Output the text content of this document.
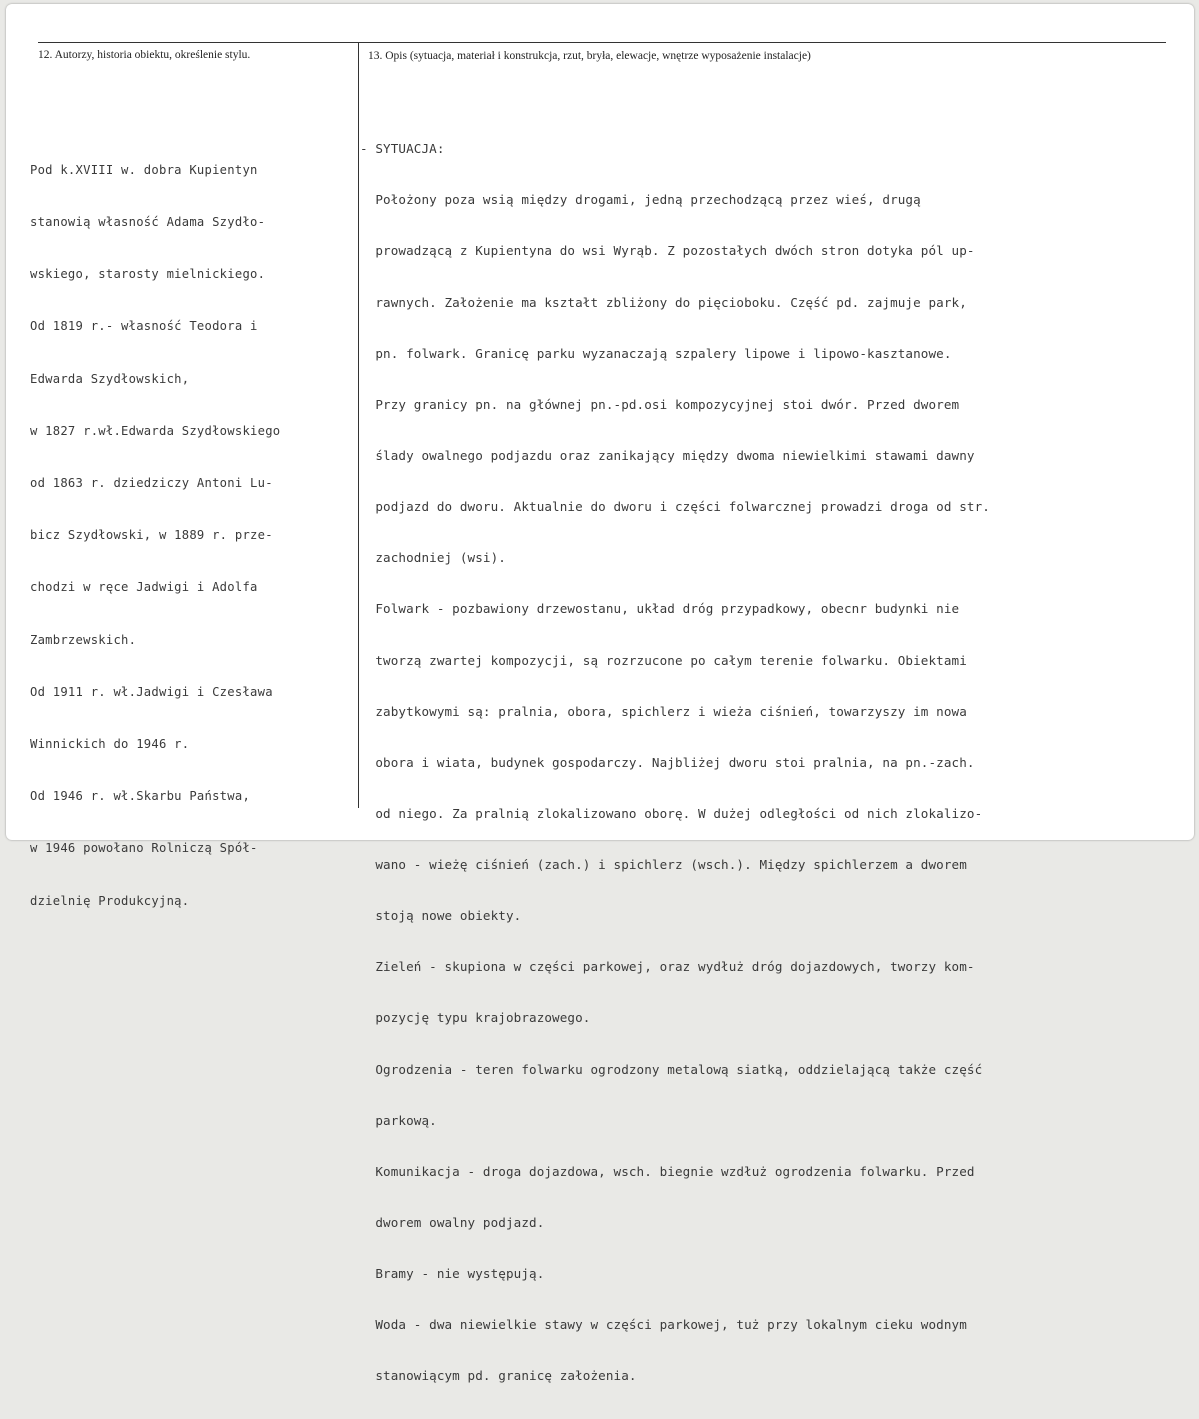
12. Autorzy, historia obiektu, określenie stylu.	13. Opis (sytuacja, materiał i konstrukcja, rzut, bryła, elewacje, wnętrze wyposażenie instalacje)

Pod k.XVIII w. dobra Kupientyn

stanowią własność Adama Szydło-

wskiego, starosty mielnickiego.

Od 1819 r.- własność Teodora i

Edwarda Szydłowskich,

w 1827 r.wł.Edwarda Szydłowskiego

od 1863 r. dziedziczy Antoni Lu-

bicz Szydłowski, w 1889 r. prze-

chodzi w ręce Jadwigi i Adolfa

Zambrzewskich.

Od 1911 r. wł.Jadwigi i Czesława

Winnickich do 1946 r.

Od 1946 r. wł.Skarbu Państwa,

w 1946 powołano Rolniczą Spół-

dzielnię Produkcyjną.

- SYTUACJA:

Położony poza wsią między drogami, jedną przechodzącą przez wieś, drugą

prowadzącą z Kupientyna do wsi Wyrąb. Z pozostałych dwóch stron dotyka pól up-

rawnych. Założenie ma kształt zbliżony do pięcioboku. Część pd. zajmuje park,

pn. folwark. Granicę parku wyzanaczają szpalery lipowe i lipowo-kasztanowe.

Przy granicy pn. na głównej pn.-pd.osi kompozycyjnej stoi dwór. Przed dworem

ślady owalnego podjazdu oraz zanikający między dwoma niewielkimi stawami dawny

podjazd do dworu. Aktualnie do dworu i części folwarcznej prowadzi droga od str.

zachodniej (wsi).

Folwark - pozbawiony drzewostanu, układ dróg przypadkowy, obecnr budynki nie

tworzą zwartej kompozycji, są rozrzucone po całym terenie folwarku. Obiektami

zabytkowymi są: pralnia, obora, spichlerz i wieża ciśnień, towarzyszy im nowa

obora i wiata, budynek gospodarczy. Najbliżej dworu stoi pralnia, na pn.-zach.

od niego. Za pralnią zlokalizowano oborę. W dużej odległości od nich zlokalizo-

wano - wieżę ciśnień (zach.) i spichlerz (wsch.). Między spichlerzem a dworem

stoją nowe obiekty.

Zieleń - skupiona w części parkowej, oraz wydłuż dróg dojazdowych, tworzy kom-

pozycję typu krajobrazowego.

Ogrodzenia - teren folwarku ogrodzony metalową siatką, oddzielającą także część

parkową.

Komunikacja - droga dojazdowa, wsch. biegnie wzdłuż ogrodzenia folwarku. Przed

dworem owalny podjazd.

Bramy - nie występują.

Woda - dwa niewielkie stawy w części parkowej, tuż przy lokalnym cieku wodnym

stanowiącym pd. granicę założenia.
